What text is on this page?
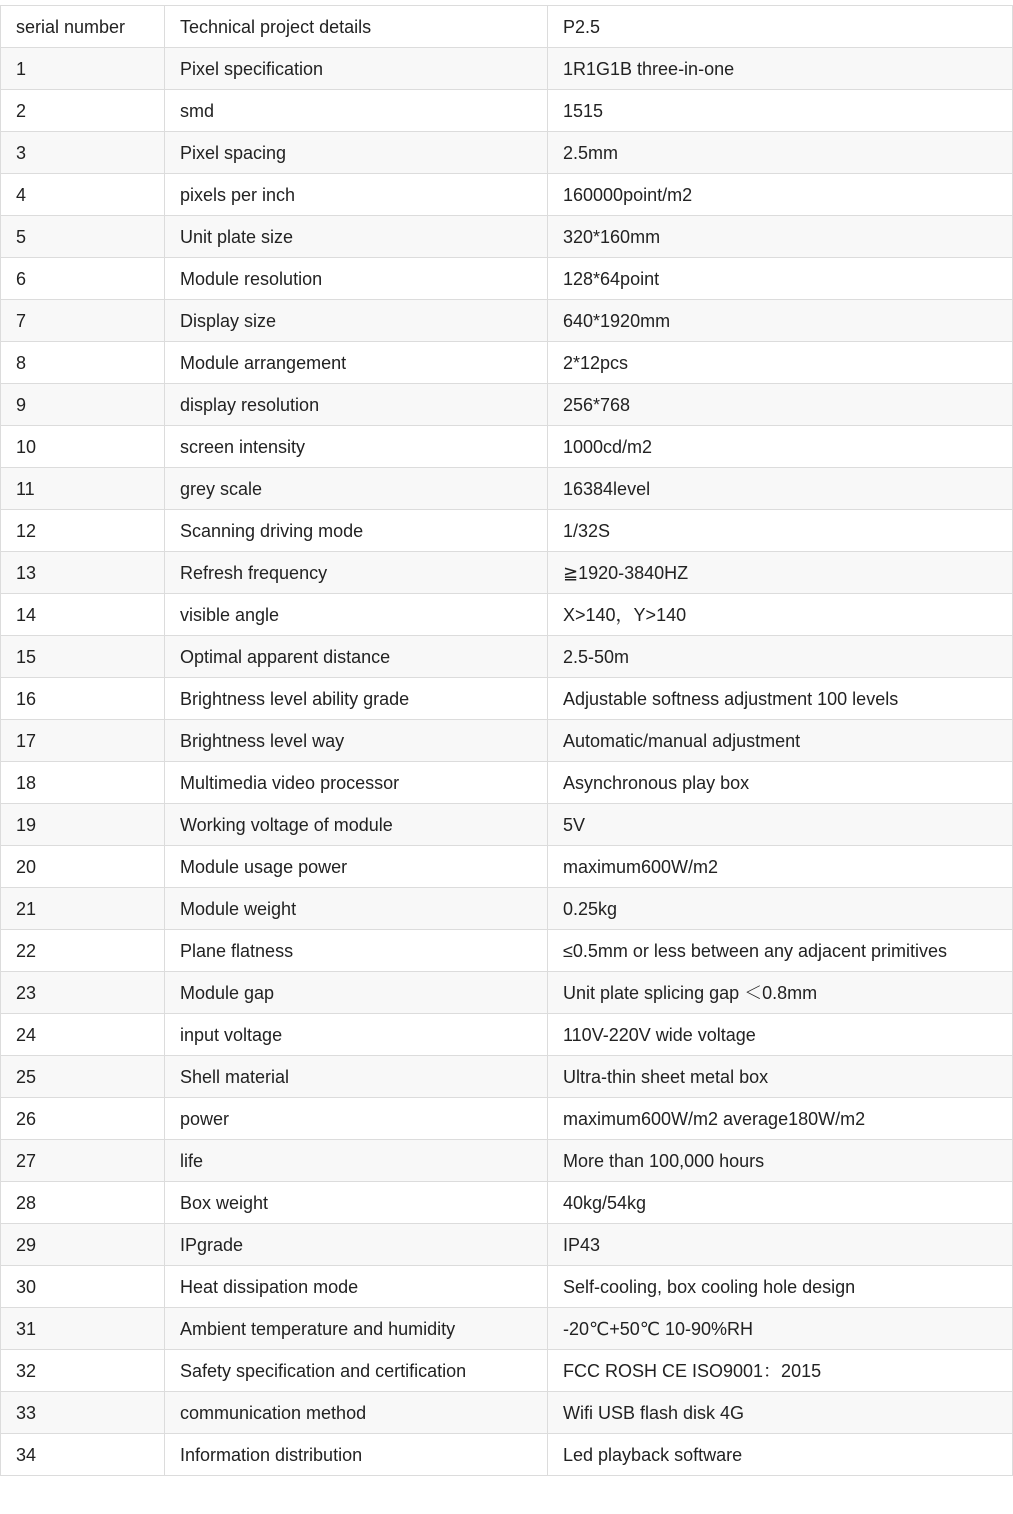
serial number	Technical project details	P2.5
1	Pixel specification	1R1G1B three-in-one
2	smd	1515
3	Pixel spacing	2.5mm
4	pixels per inch	160000point/m2
5	Unit plate size	320*160mm
6	Module resolution	128*64point
7	Display size	640*1920mm
8	Module arrangement	2*12pcs
9	display resolution	256*768
10	screen intensity	1000cd/m2
11	grey scale	16384level
12	Scanning driving mode	1/32S
13	Refresh frequency	≧1920-3840HZ
14	visible angle	X>140，Y>140
15	Optimal apparent distance	2.5-50m
16	Brightness level ability grade	Adjustable softness adjustment 100 levels
17	Brightness level way	Automatic/manual adjustment
18	Multimedia video processor	Asynchronous play box
19	Working voltage of module	5V
20	Module usage power	maximum600W/m2
21	Module weight	0.25kg
22	Plane flatness	≤0.5mm or less between any adjacent primitives
23	Module gap	Unit plate splicing gap ＜0.8mm
24	input voltage	110V-220V wide voltage
25	Shell material	Ultra-thin sheet metal box
26	power	maximum600W/m2 average180W/m2
27	life	More than 100,000 hours
28	Box weight	40kg/54kg
29	IPgrade	IP43
30	Heat dissipation mode	Self-cooling, box cooling hole design
31	Ambient temperature and humidity	-20℃+50℃ 10-90%RH
32	Safety specification and certification	FCC ROSH CE ISO9001：2015
33	communication method	Wifi USB flash disk 4G
34	Information distribution	Led playback software
